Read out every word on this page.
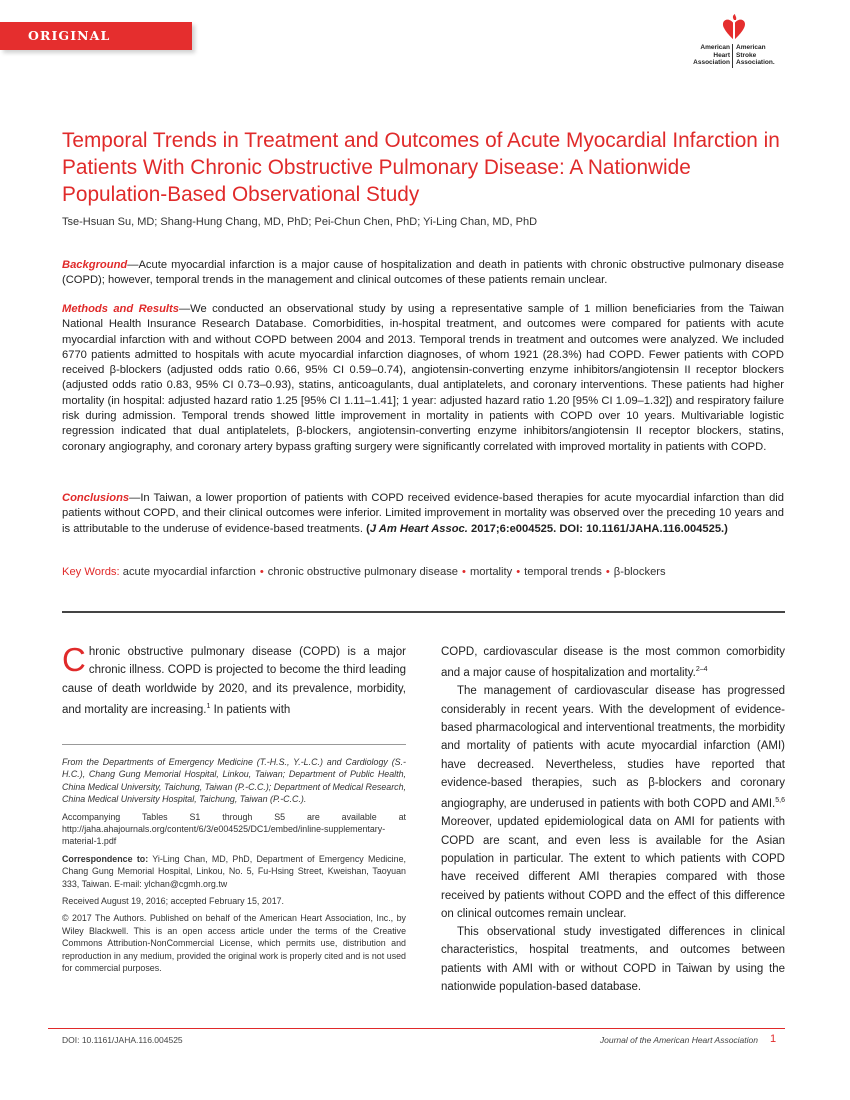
ORIGINAL RESEARCH
American
Heart
Association
American
Stroke
Association.
Temporal Trends in Treatment and Outcomes of Acute Myocardial Infarction in Patients With Chronic Obstructive Pulmonary Disease: A Nationwide Population-Based Observational Study
Tse-Hsuan Su, MD; Shang-Hung Chang, MD, PhD; Pei-Chun Chen, PhD; Yi-Ling Chan, MD, PhD
Background—Acute myocardial infarction is a major cause of hospitalization and death in patients with chronic obstructive pulmonary disease (COPD); however, temporal trends in the management and clinical outcomes of these patients remain unclear.
Methods and Results—We conducted an observational study by using a representative sample of 1 million beneficiaries from the Taiwan National Health Insurance Research Database. Comorbidities, in-hospital treatment, and outcomes were compared for patients with acute myocardial infarction with and without COPD between 2004 and 2013. Temporal trends in treatment and outcomes were analyzed. We included 6770 patients admitted to hospitals with acute myocardial infarction diagnoses, of whom 1921 (28.3%) had COPD. Fewer patients with COPD received β-blockers (adjusted odds ratio 0.66, 95% CI 0.59–0.74), angiotensin-converting enzyme inhibitors/angiotensin II receptor blockers (adjusted odds ratio 0.83, 95% CI 0.73–0.93), statins, anticoagulants, dual antiplatelets, and coronary interventions. These patients had higher mortality (in hospital: adjusted hazard ratio 1.25 [95% CI 1.11–1.41]; 1 year: adjusted hazard ratio 1.20 [95% CI 1.09–1.32]) and respiratory failure risk during admission. Temporal trends showed little improvement in mortality in patients with COPD over 10 years. Multivariable logistic regression indicated that dual antiplatelets, β-blockers, angiotensin-converting enzyme inhibitors/angiotensin II receptor blockers, statins, coronary angiography, and coronary artery bypass grafting surgery were significantly correlated with improved mortality in patients with COPD.
Conclusions—In Taiwan, a lower proportion of patients with COPD received evidence-based therapies for acute myocardial infarction than did patients without COPD, and their clinical outcomes were inferior. Limited improvement in mortality was observed over the preceding 10 years and is attributable to the underuse of evidence-based treatments. (J Am Heart Assoc. 2017;6:e004525. DOI: 10.1161/JAHA.116.004525.)
Key Words: acute myocardial infarction • chronic obstructive pulmonary disease • mortality • temporal trends • β-blockers

Chronic obstructive pulmonary disease (COPD) is a major chronic illness. COPD is projected to become the third leading cause of death worldwide by 2020, and its prevalence, morbidity, and mortality are increasing.$^1$ In patients with

From the Departments of Emergency Medicine (T.-H.S., Y.-L.C.) and Cardiology (S.-H.C.), Chang Gung Memorial Hospital, Linkou, Taiwan; Department of Public Health, China Medical University, Taichung, Taiwan (P.-C.C.); Department of Medical Research, China Medical University Hospital, Taichung, Taiwan (P.-C.C.).

Accompanying Tables S1 through S5 are available at http://jaha.ahajournals.org/content/6/3/e004525/DC1/embed/inline-supplementary-material-1.pdf

Correspondence to: Yi-Ling Chan, MD, PhD, Department of Emergency Medicine, Chang Gung Memorial Hospital, Linkou, No. 5, Fu-Hsing Street, Kweishan, Taoyuan 333, Taiwan. E-mail: ylchan@cgmh.org.tw

Received August 19, 2016; accepted February 15, 2017.

© 2017 The Authors. Published on behalf of the American Heart Association, Inc., by Wiley Blackwell. This is an open access article under the terms of the Creative Commons Attribution-NonCommercial License, which permits use, distribution and reproduction in any medium, provided the original work is properly cited and is not used for commercial purposes.

COPD, cardiovascular disease is the most common comorbidity and a major cause of hospitalization and mortality.$^{2-4}$

The management of cardiovascular disease has progressed considerably in recent years. With the development of evidence-based pharmacological and interventional treatments, the morbidity and mortality of patients with acute myocardial infarction (AMI) have decreased. Nevertheless, studies have reported that evidence-based therapies, such as β-blockers and coronary angiography, are underused in patients with both COPD and AMI.$^{5,6}$ Moreover, updated epidemiological data on AMI for patients with COPD are scant, and even less is available for the Asian population in particular. The extent to which patients with COPD have received different AMI therapies compared with those received by patients without COPD and the effect of this difference on clinical outcomes remain unclear.

This observational study investigated differences in clinical characteristics, hospital treatments, and outcomes between patients with AMI with or without COPD in Taiwan by using the nationwide population-based database.

DOI: 10.1161/JAHA.116.004525	Journal of the American Heart Association 1
